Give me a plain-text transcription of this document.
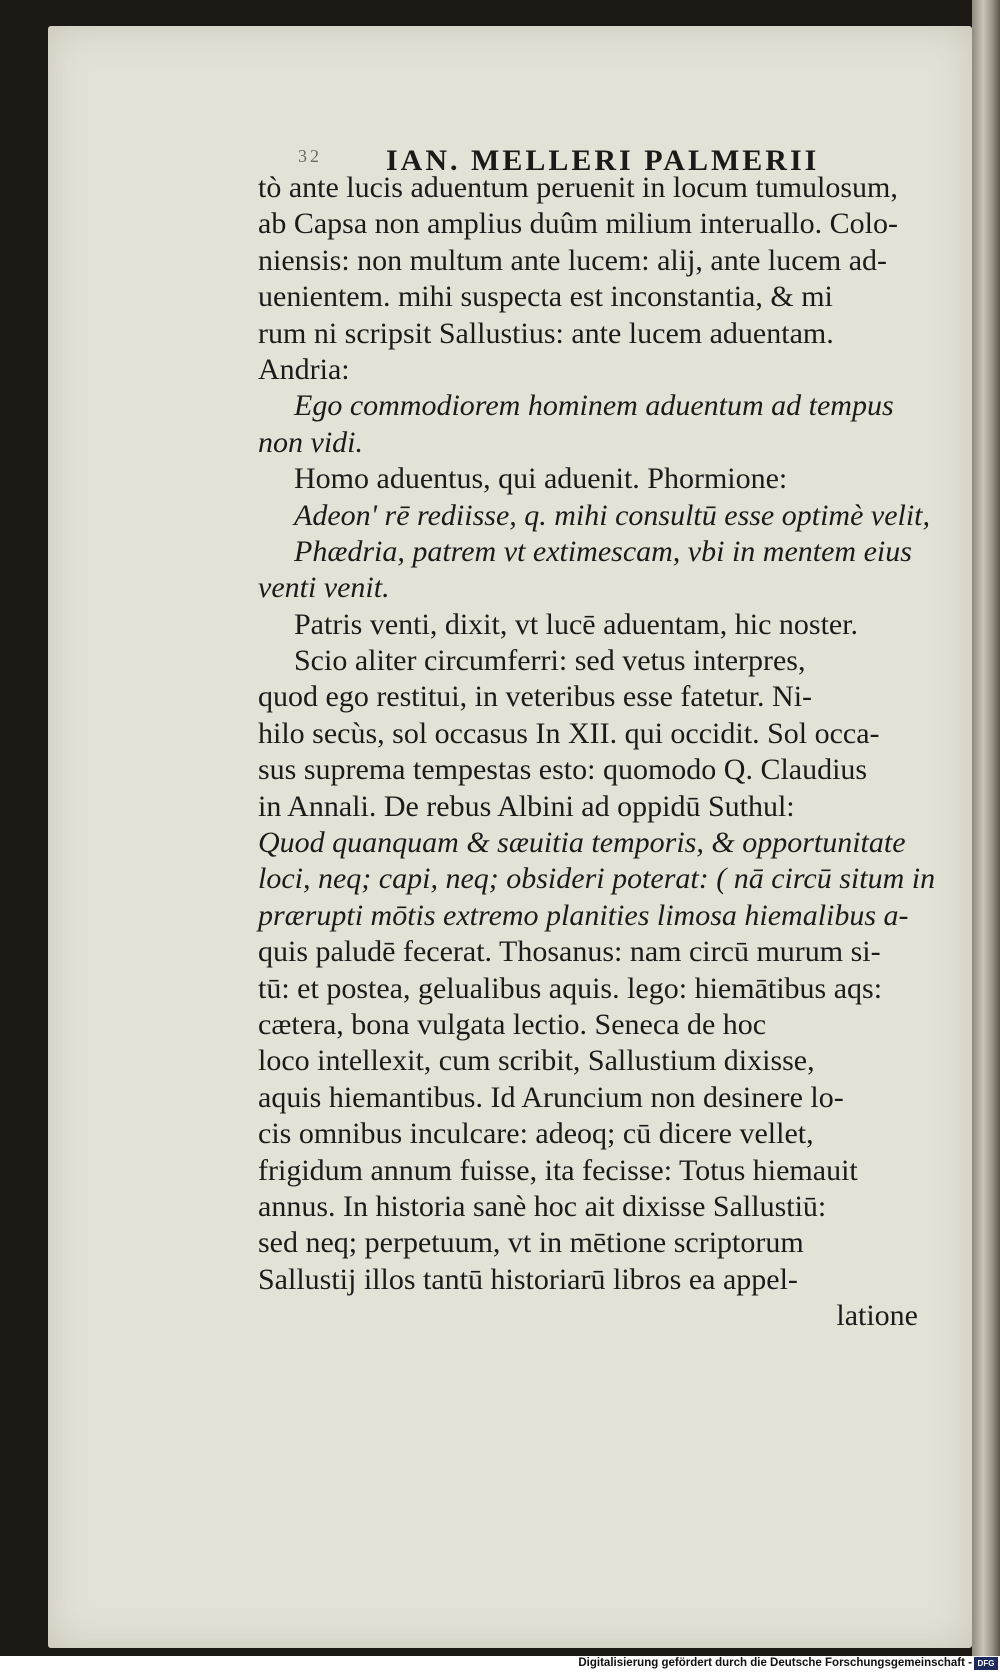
32 IAN. MELLERI PALMERII
tò ante lucis aduentum peruenit in locum tumulosum,
ab Capsa non amplius duûm milium interuallo. Colo-
niensis: non multum ante lucem: alij, ante lucem ad-
uenientem. mihi suspecta est inconstantia, & mi
rum ni scripsit Sallustius: ante lucem aduentam.
Andria:
Ego commodiorem hominem aduentum ad tempus
non vidi.
Homo aduentus, qui aduenit. Phormione:
Adeon' rē rediisse, q. mihi consultū esse optimè velit,
Phædria, patrem vt extimescam, vbi in mentem eius
venti venit.
Patris venti, dixit, vt lucē aduentam, hic noster.
Scio aliter circumferri: sed vetus interpres,
quod ego restitui, in veteribus esse fatetur. Ni-
hilo secùs, sol occasus In XII. qui occidit. Sol occa-
sus suprema tempestas esto: quomodo Q. Claudius
in Annali. De rebus Albini ad oppidū Suthul:
Quod quanquam & sæuitia temporis, & opportunitate
loci, neq; capi, neq; obsideri poterat: ( nā circū situm in
prærupti mōtis extremo planities limosa hiemalibus a-
quis paludē fecerat. Thosanus: nam circū murum si-
tū: et postea, gelualibus aquis. lego: hiemātibus aqs:
cætera, bona vulgata lectio. Seneca de hoc
loco intellexit, cum scribit, Sallustium dixisse,
aquis hiemantibus. Id Aruncium non desinere lo-
cis omnibus inculcare: adeoq; cū dicere vellet,
frigidum annum fuisse, ita fecisse: Totus hiemauit
annus. In historia sanè hoc ait dixisse Sallustiū:
sed neq; perpetuum, vt in mētione scriptorum
Sallustij illos tantū historiarū libros ea appel-
latione
Digitalisierung gefördert durch die Deutsche Forschungsgemeinschaft - DFG
